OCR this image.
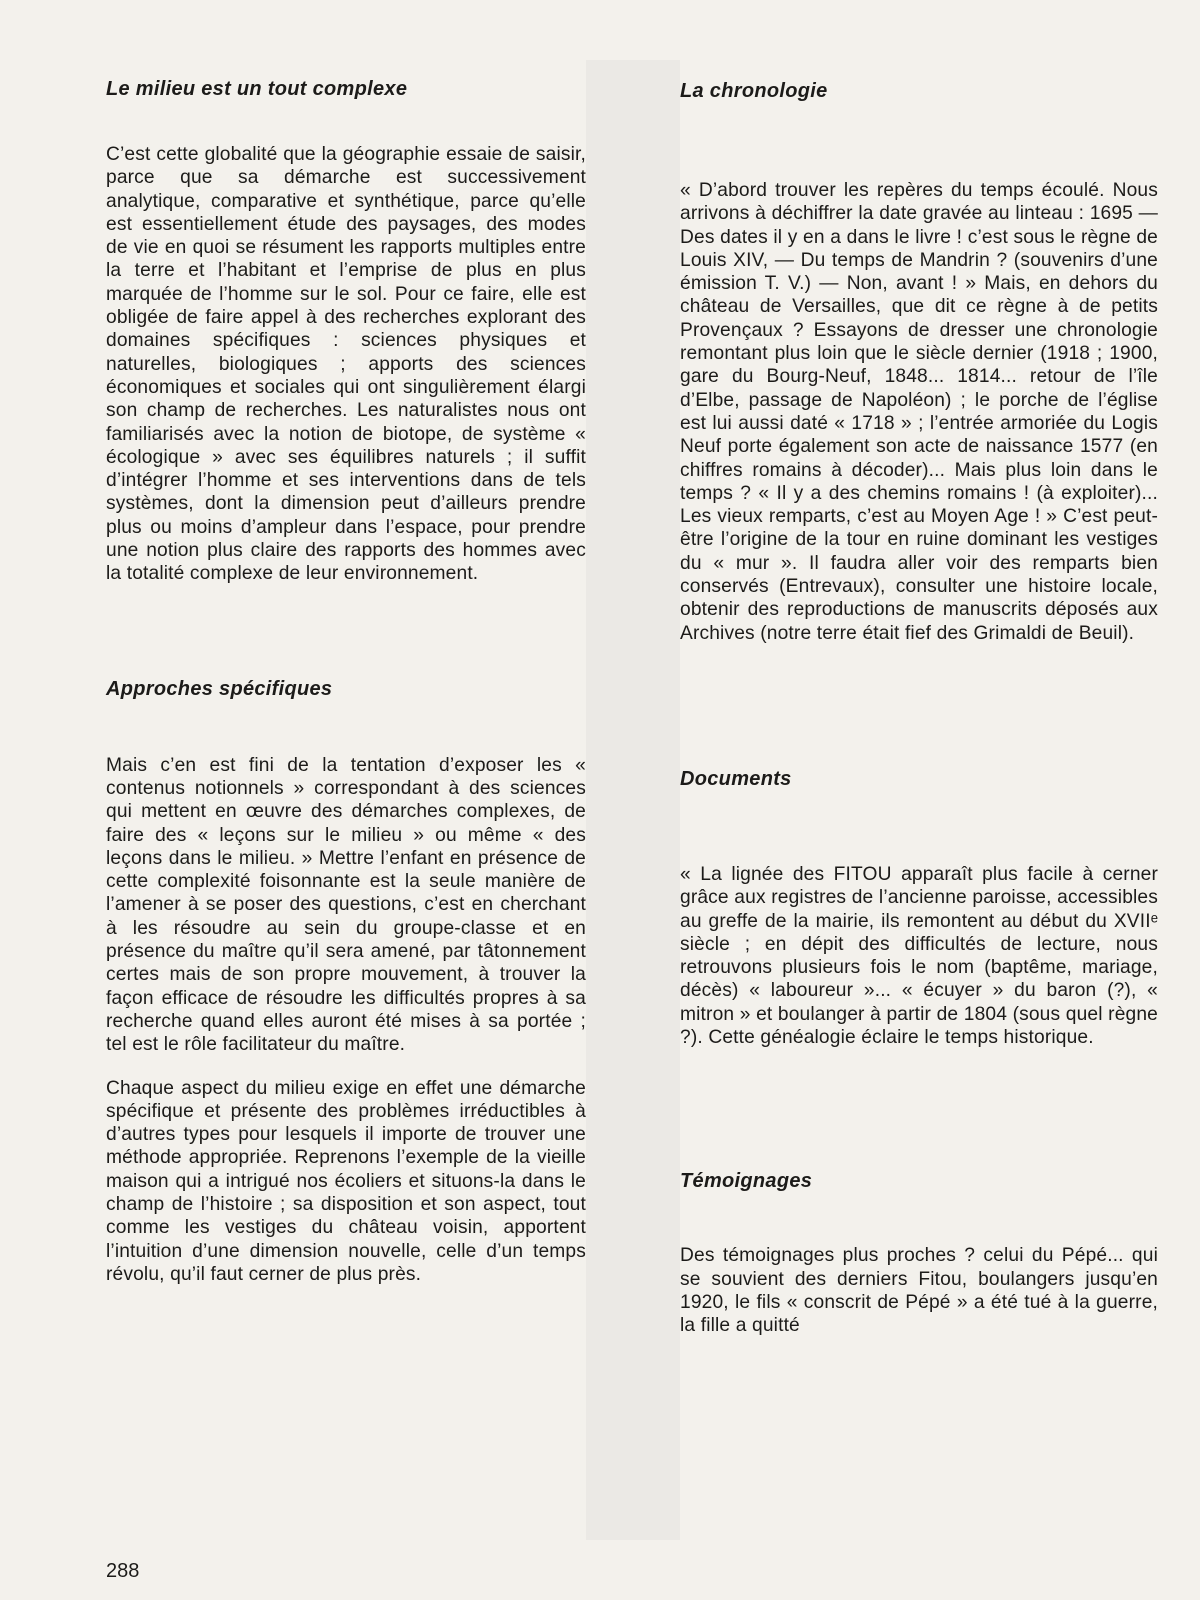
Le milieu est un tout complexe

C’est cette globalité que la géographie essaie de saisir, parce que sa démarche est successivement analytique, comparative et synthétique, parce qu’elle est essentiellement étude des paysages, des modes de vie en quoi se résument les rapports multiples entre la terre et l’habitant et l’emprise de plus en plus marquée de l’homme sur le sol. Pour ce faire, elle est obligée de faire appel à des recherches explorant des domaines spécifiques : sciences physiques et naturelles, biologiques ; apports des sciences économiques et sociales qui ont singulièrement élargi son champ de recherches. Les naturalistes nous ont familiarisés avec la notion de biotope, de système « écologique » avec ses équilibres naturels ; il suffit d’intégrer l’homme et ses interventions dans de tels systèmes, dont la dimension peut d’ailleurs prendre plus ou moins d’ampleur dans l’espace, pour prendre une notion plus claire des rapports des hommes avec la totalité complexe de leur environnement.

Approches spécifiques

Mais c’en est fini de la tentation d’exposer les « contenus notionnels » correspondant à des sciences qui mettent en œuvre des démarches complexes, de faire des « leçons sur le milieu » ou même « des leçons dans le milieu. » Mettre l’enfant en présence de cette complexité foisonnante est la seule manière de l’amener à se poser des questions, c’est en cherchant à les résoudre au sein du groupe-classe et en présence du maître qu’il sera amené, par tâtonnement certes mais de son propre mouvement, à trouver la façon efficace de résoudre les difficultés propres à sa recherche quand elles auront été mises à sa portée ; tel est le rôle facilitateur du maître.

Chaque aspect du milieu exige en effet une démarche spécifique et présente des problèmes irréductibles à d’autres types pour lesquels il importe de trouver une méthode appropriée. Reprenons l’exemple de la vieille maison qui a intrigué nos écoliers et situons-la dans le champ de l’histoire ; sa disposition et son aspect, tout comme les vestiges du château voisin, apportent l’intuition d’une dimension nouvelle, celle d’un temps révolu, qu’il faut cerner de plus près.

La chronologie

« D’abord trouver les repères du temps écoulé. Nous arrivons à déchiffrer la date gravée au linteau : 1695 — Des dates il y en a dans le livre ! c’est sous le règne de Louis XIV, — Du temps de Mandrin ? (souvenirs d’une émission T. V.) — Non, avant ! » Mais, en dehors du château de Versailles, que dit ce règne à de petits Provençaux ? Essayons de dresser une chronologie remontant plus loin que le siècle dernier (1918 ; 1900, gare du Bourg-Neuf, 1848... 1814... retour de l’île d’Elbe, passage de Napoléon) ; le porche de l’église est lui aussi daté « 1718 » ; l’entrée armoriée du Logis Neuf porte également son acte de naissance 1577 (en chiffres romains à décoder)... Mais plus loin dans le temps ? « Il y a des chemins romains ! (à exploiter)... Les vieux remparts, c’est au Moyen Age ! » C’est peut-être l’origine de la tour en ruine dominant les vestiges du « mur ». Il faudra aller voir des remparts bien conservés (Entrevaux), consulter une histoire locale, obtenir des reproductions de manuscrits déposés aux Archives (notre terre était fief des Grimaldi de Beuil).

Documents

« La lignée des FITOU apparaît plus facile à cerner grâce aux registres de l’ancienne paroisse, accessibles au greffe de la mairie, ils remontent au début du XVIIᵉ siècle ; en dépit des difficultés de lecture, nous retrouvons plusieurs fois le nom (baptême, mariage, décès) « laboureur »... « écuyer » du baron (?), « mitron » et boulanger à partir de 1804 (sous quel règne ?). Cette généalogie éclaire le temps historique.

Témoignages

Des témoignages plus proches ? celui du Pépé... qui se souvient des derniers Fitou, boulangers jusqu’en 1920, le fils « conscrit de Pépé » a été tué à la guerre, la fille a quitté

288
